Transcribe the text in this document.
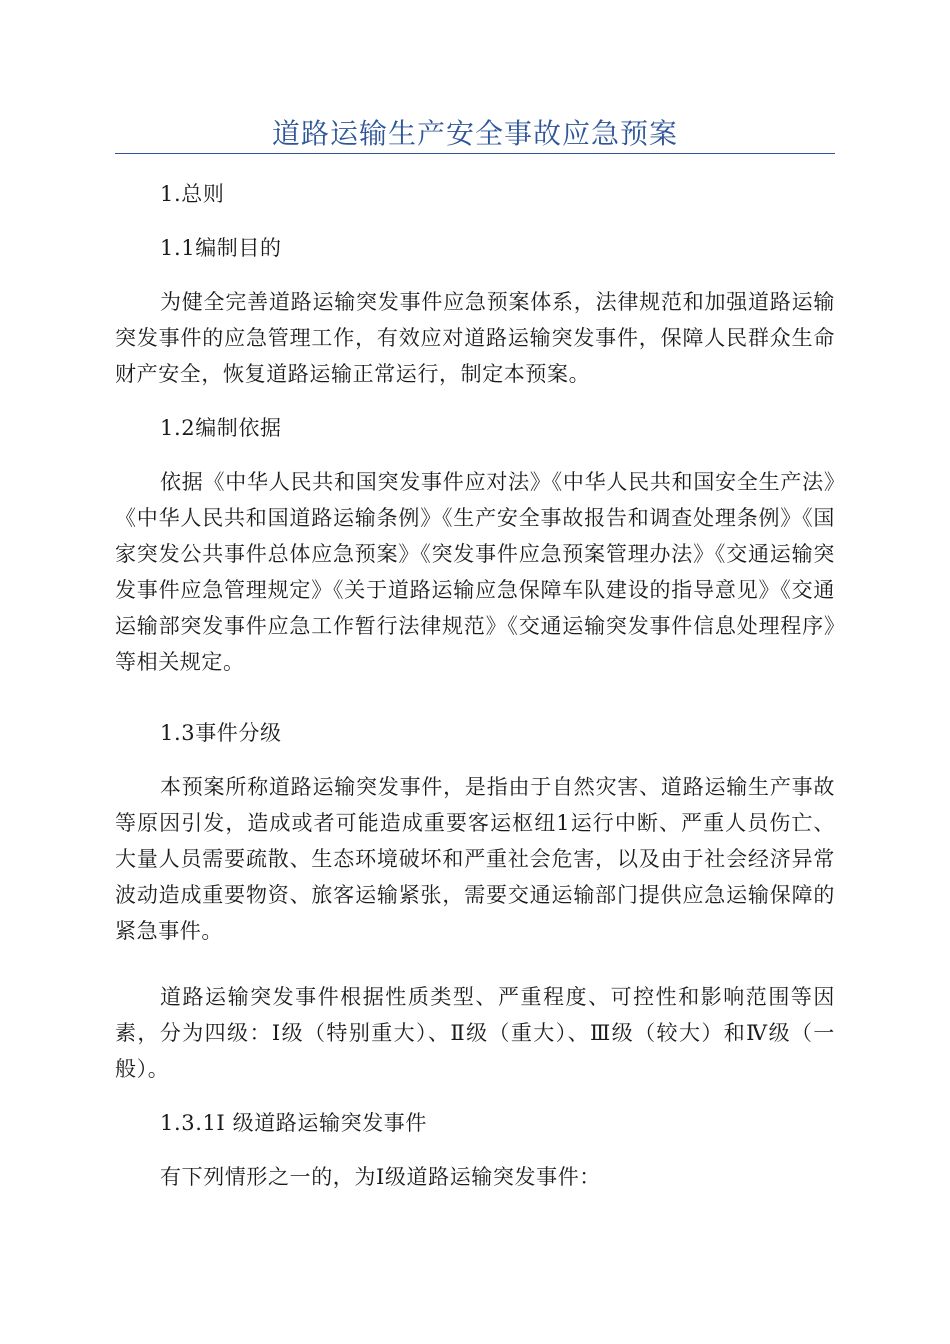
道路运输生产安全事故应急预案

1.总则

1.1编制目的

为健全完善道路运输突发事件应急预案体系，法律规范和加强道路运输突发事件的应急管理工作，有效应对道路运输突发事件，保障人民群众生命财产安全，恢复道路运输正常运行，制定本预案。

1.2编制依据

依据《中华人民共和国突发事件应对法》《中华人民共和国安全生产法》《中华人民共和国道路运输条例》《生产安全事故报告和调查处理条例》《国家突发公共事件总体应急预案》《突发事件应急预案管理办法》《交通运输突发事件应急管理规定》《关于道路运输应急保障车队建设的指导意见》《交通运输部突发事件应急工作暂行法律规范》《交通运输突发事件信息处理程序》等相关规定。

1.3事件分级

本预案所称道路运输突发事件，是指由于自然灾害、道路运输生产事故等原因引发，造成或者可能造成重要客运枢纽1运行中断、严重人员伤亡、大量人员需要疏散、生态环境破坏和严重社会危害，以及由于社会经济异常波动造成重要物资、旅客运输紧张，需要交通运输部门提供应急运输保障的紧急事件。

道路运输突发事件根据性质类型、严重程度、可控性和影响范围等因素，分为四级：Ⅰ级（特别重大）、Ⅱ级（重大）、Ⅲ级（较大）和Ⅳ级（一般）。

1.3.1Ⅰ 级道路运输突发事件

有下列情形之一的，为Ⅰ级道路运输突发事件：
